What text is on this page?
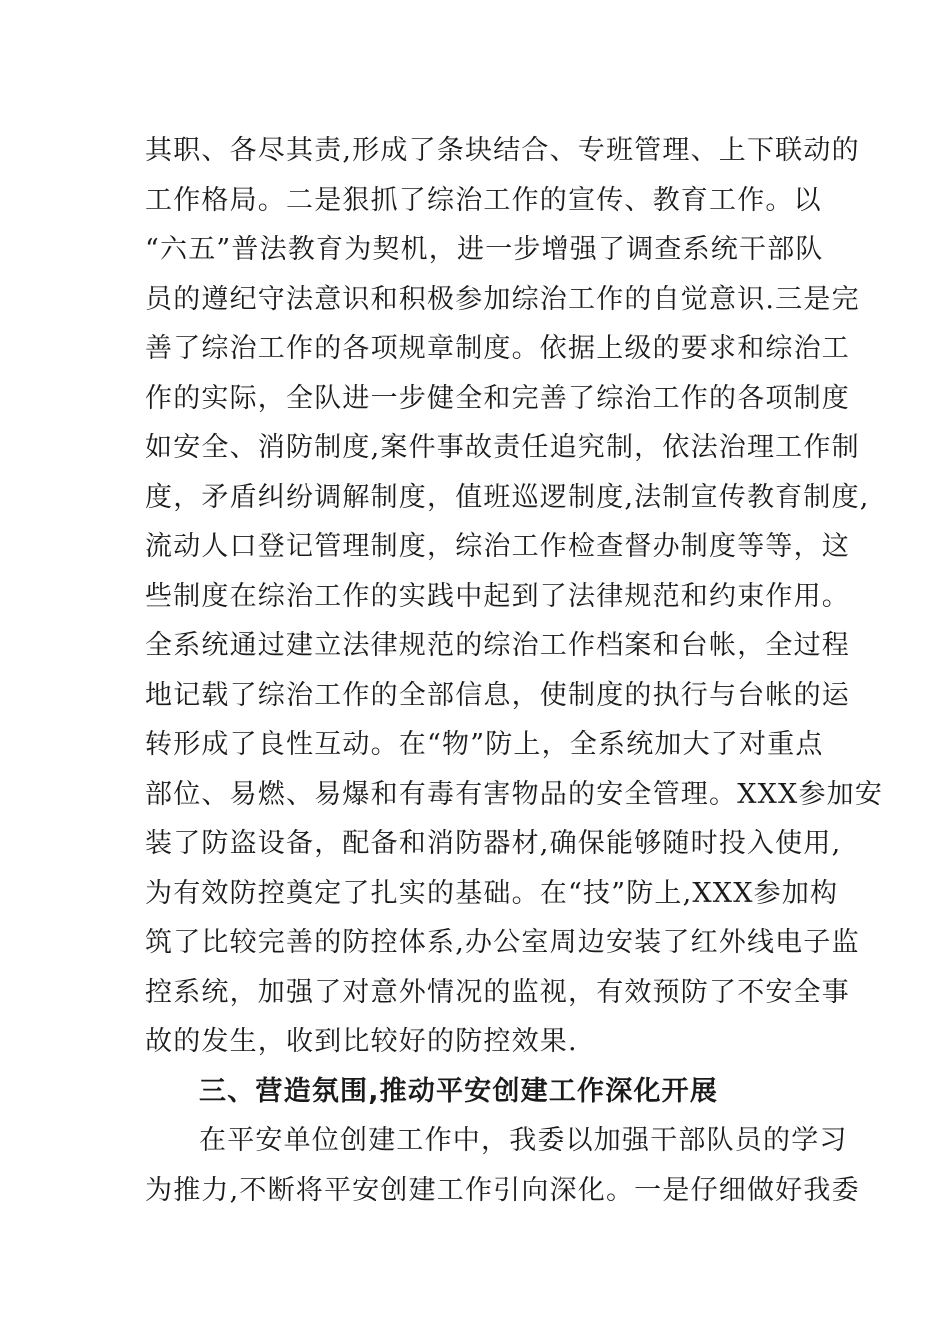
其职、各尽其责,形成了条块结合、专班管理、上下联动的
工作格局。二是狠抓了综治工作的宣传、教育工作。以
“六五”普法教育为契机，进一步增强了调查系统干部队
员的遵纪守法意识和积极参加综治工作的自觉意识.三是完
善了综治工作的各项规章制度。依据上级的要求和综治工
作的实际，全队进一步健全和完善了综治工作的各项制度
如安全、消防制度,案件事故责任追究制，依法治理工作制
度，矛盾纠纷调解制度，值班巡逻制度,法制宣传教育制度,
流动人口登记管理制度，综治工作检查督办制度等等，这
些制度在综治工作的实践中起到了法律规范和约束作用。
全系统通过建立法律规范的综治工作档案和台帐，全过程
地记载了综治工作的全部信息，使制度的执行与台帐的运
转形成了良性互动。在“物”防上，全系统加大了对重点
部位、易燃、易爆和有毒有害物品的安全管理。XXX参加安
装了防盗设备，配备和消防器材,确保能够随时投入使用,
为有效防控奠定了扎实的基础。在“技”防上,XXX参加构
筑了比较完善的防控体系,办公室周边安装了红外线电子监
控系统，加强了对意外情况的监视，有效预防了不安全事
故的发生，收到比较好的防控效果.
三、营造氛围,推动平安创建工作深化开展
在平安单位创建工作中，我委以加强干部队员的学习
为推力,不断将平安创建工作引向深化。一是仔细做好我委
